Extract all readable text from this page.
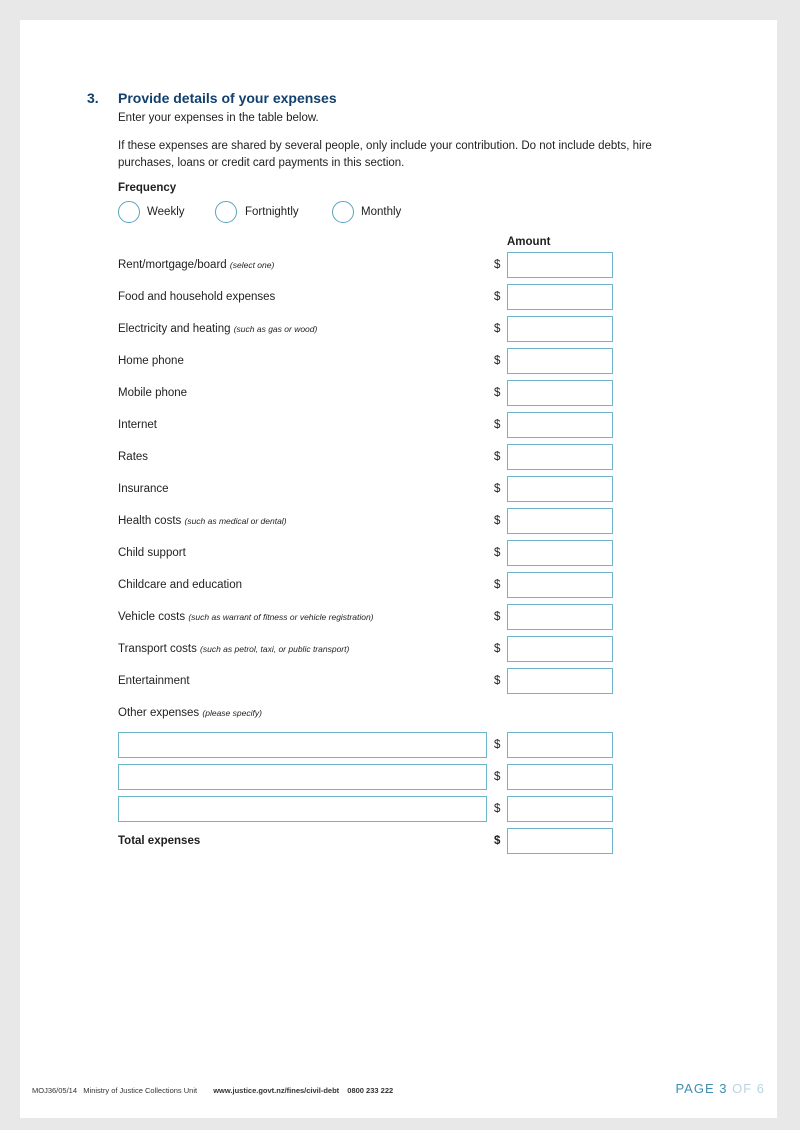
3. Provide details of your expenses
Enter your expenses in the table below.
If these expenses are shared by several people, only include your contribution. Do not include debts, hire purchases, loans or credit card payments in this section.
Frequency
Weekly	Fortnightly	Monthly
Amount
Rent/mortgage/board (select one)	$
Food and household expenses	$
Electricity and heating (such as gas or wood)	$
Home phone	$
Mobile phone	$
Internet	$
Rates	$
Insurance	$
Health costs (such as medical or dental)	$
Child support	$
Childcare and education	$
Vehicle costs (such as warrant of fitness or vehicle registration)	$
Transport costs (such as petrol, taxi, or public transport)	$
Entertainment	$
Other expenses (please specify)
$
$
$
Total expenses	$
MOJ36/05/14 Ministry of Justice Collections Unit www.justice.govt.nz/fines/civil-debt 0800 233 222	PAGE 3 OF 6
